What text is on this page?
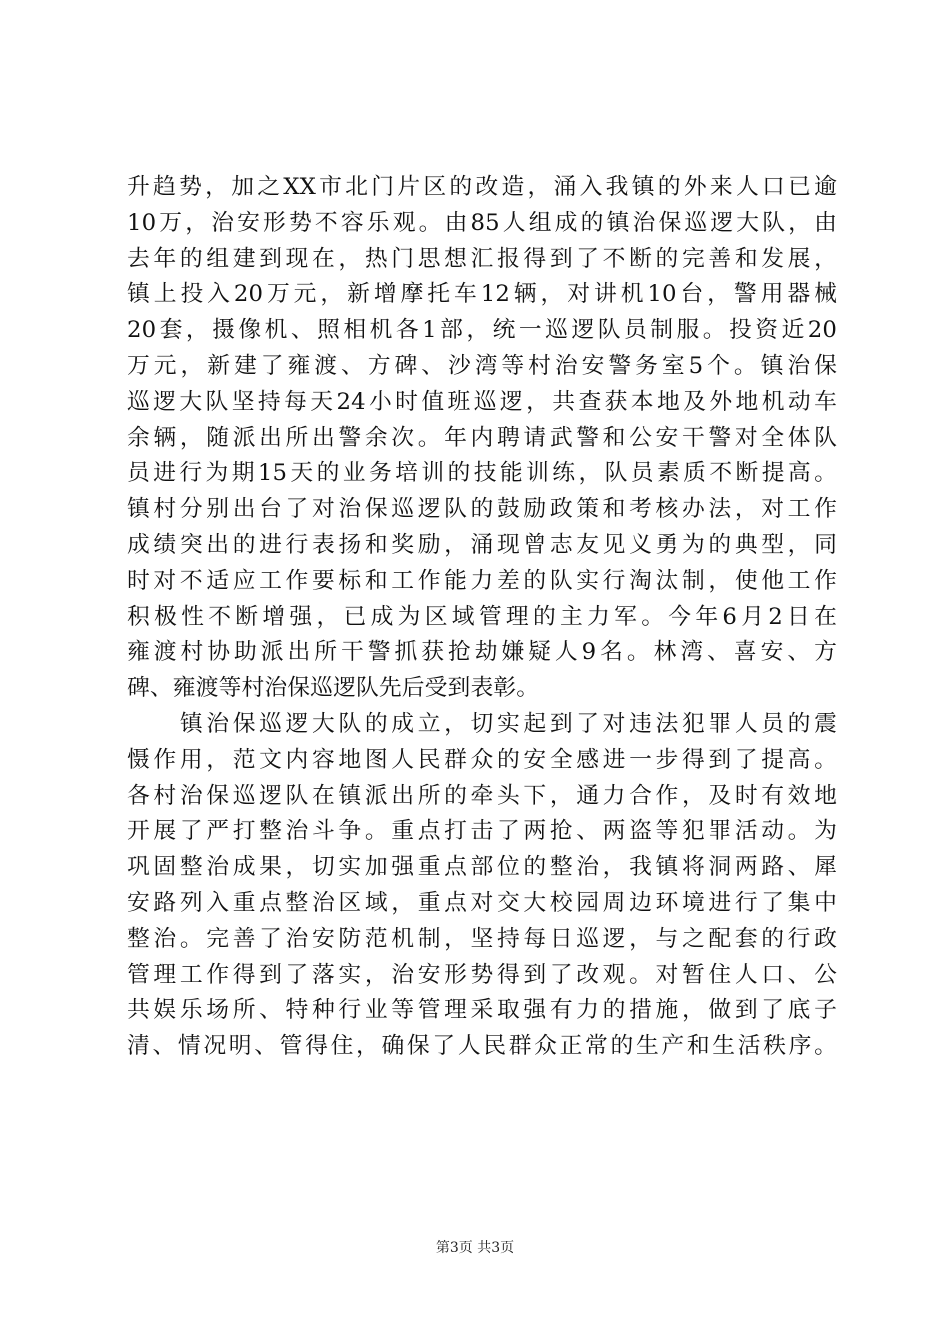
升趋势，加之XX市北门片区的改造，涌入我镇的外来人口已逾
10万，治安形势不容乐观。由85人组成的镇治保巡逻大队，由
去年的组建到现在，热门思想汇报得到了不断的完善和发展，
镇上投入20万元，新增摩托车12辆，对讲机10台，警用器械
20套，摄像机、照相机各1部，统一巡逻队员制服。投资近20
万元，新建了雍渡、方碑、沙湾等村治安警务室5个。镇治保
巡逻大队坚持每天24小时值班巡逻，共查获本地及外地机动车
余辆，随派出所出警余次。年内聘请武警和公安干警对全体队
员进行为期15天的业务培训的技能训练，队员素质不断提高。
镇村分别出台了对治保巡逻队的鼓励政策和考核办法，对工作
成绩突出的进行表扬和奖励，涌现曾志友见义勇为的典型，同
时对不适应工作要标和工作能力差的队实行淘汰制，使他工作
积极性不断增强，已成为区域管理的主力军。今年6月2日在
雍渡村协助派出所干警抓获抢劫嫌疑人9名。林湾、喜安、方
碑、雍渡等村治保巡逻队先后受到表彰。
　　镇治保巡逻大队的成立，切实起到了对违法犯罪人员的震
慑作用，范文内容地图人民群众的安全感进一步得到了提高。
各村治保巡逻队在镇派出所的牵头下，通力合作，及时有效地
开展了严打整治斗争。重点打击了两抢、两盗等犯罪活动。为
巩固整治成果，切实加强重点部位的整治，我镇将洞两路、犀
安路列入重点整治区域，重点对交大校园周边环境进行了集中
整治。完善了治安防范机制，坚持每日巡逻，与之配套的行政
管理工作得到了落实，治安形势得到了改观。对暂住人口、公
共娱乐场所、特种行业等管理采取强有力的措施，做到了底子
清、情况明、管得住，确保了人民群众正常的生产和生活秩序。
第3页 共3页
